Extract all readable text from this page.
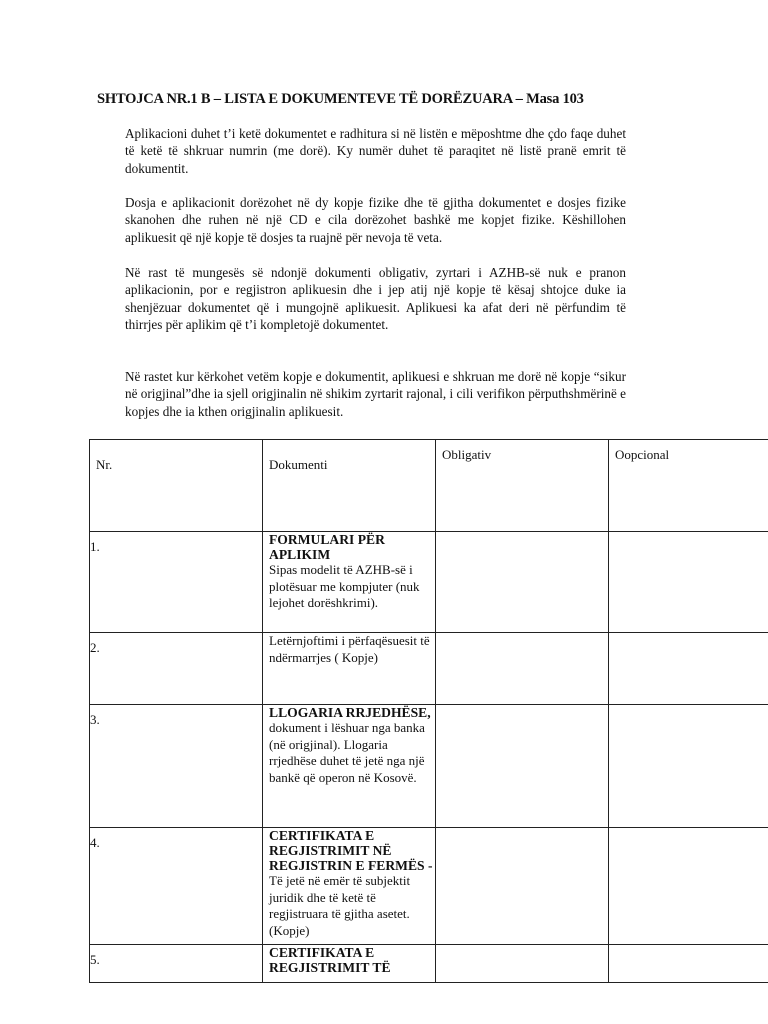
SHTOJCA NR.1 B – LISTA E DOKUMENTEVE TË DORËZUARA – Masa 103

Aplikacioni duhet t’i ketë dokumentet e radhitura si në listën e mëposhtme dhe çdo faqe duhet të ketë të shkruar numrin (me dorë). Ky numër duhet të paraqitet në listë pranë emrit të dokumentit.

Dosja e aplikacionit dorëzohet në dy kopje fizike dhe të gjitha dokumentet e dosjes fizike skanohen dhe ruhen në një CD e cila dorëzohet bashkë me kopjet fizike. Këshillohen aplikuesit që një kopje të dosjes ta ruajnë për nevoja të veta.

Në rast të mungesës së ndonjë dokumenti obligativ, zyrtari i AZHB-së nuk e pranon aplikacionin, por e regjistron aplikuesin dhe i jep atij një kopje të kësaj shtojce duke ia shenjëzuar dokumentet që i mungojnë aplikuesit. Aplikuesi ka afat deri në përfundim të thirrjes për aplikim që t’i kompletojë dokumentet.

Në rastet kur kërkohet vetëm kopje e dokumentit, aplikuesi e shkruan me dorë në kopje “sikur në origjinal”dhe ia sjell origjinalin në shikim zyrtarit rajonal, i cili verifikon përputhshmërinë e kopjes dhe ia kthen origjinalin aplikuesit.

Nr.	Dokumenti	Obligativ	Oopcional
1.	FORMULARI PËR APLIKIM
Sipas modelit të AZHB-së i plotësuar me kompjuter (nuk lejohet dorëshkrimi).		

2.	Letërnjoftimi i përfaqësuesit të ndërmarrjes ( Kopje)		

3.	LLOGARIA RRJEDHËSE,
dokument i lëshuar nga banka (në origjinal). Llogaria rrjedhëse duhet të jetë nga një bankë që operon në Kosovë.		

4.	CERTIFIKATA E REGJISTRIMIT NË REGJISTRIN E FERMËS -
Të jetë në emër të subjektit juridik dhe të ketë të regjistruara të gjitha asetet. (Kopje)		

5.	CERTIFIKATA E REGJISTRIMIT TË		
